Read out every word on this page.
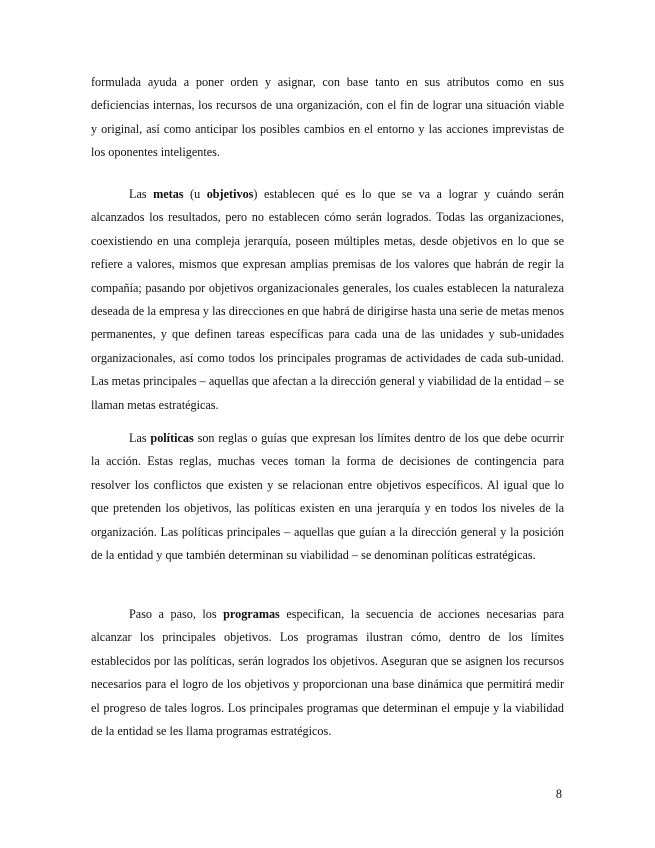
formulada ayuda a poner orden y asignar, con base tanto en sus atributos como en sus deficiencias internas, los recursos de una organización, con el fin de lograr una situación viable y original, así como anticipar los posibles cambios en el entorno y las acciones imprevistas de los oponentes inteligentes.

Las metas (u objetivos) establecen qué es lo que se va a lograr y cuándo serán alcanzados los resultados, pero no establecen cómo serán logrados. Todas las organizaciones, coexistiendo en una compleja jerarquía, poseen múltiples metas, desde objetivos en lo que se refiere a valores, mismos que expresan amplias premisas de los valores que habrán de regir la compañía; pasando por objetivos organizacionales generales, los cuales establecen la naturaleza deseada de la empresa y las direcciones en que habrá de dirigirse hasta una serie de metas menos permanentes, y que definen tareas específicas para cada una de las unidades y sub-unidades organizacionales, así como todos los principales programas de actividades de cada sub-unidad. Las metas principales – aquellas que afectan a la dirección general y viabilidad de la entidad – se llaman metas estratégicas.

Las políticas son reglas o guías que expresan los límites dentro de los que debe ocurrir la acción. Estas reglas, muchas veces toman la forma de decisiones de contingencia para resolver los conflictos que existen y se relacionan entre objetivos específicos. Al igual que lo que pretenden los objetivos, las políticas existen en una jerarquía y en todos los niveles de la organización. Las políticas principales – aquellas que guían a la dirección general y la posición de la entidad y que también determinan su viabilidad – se denominan políticas estratégicas.

Paso a paso, los programas especifican, la secuencia de acciones necesarias para alcanzar los principales objetivos. Los programas ilustran cómo, dentro de los límites establecidos por las políticas, serán logrados los objetivos. Aseguran que se asignen los recursos necesarios para el logro de los objetivos y proporcionan una base dinámica que permitirá medir el progreso de tales logros. Los principales programas que determinan el empuje y la viabilidad de la entidad se les llama programas estratégicos.

8
